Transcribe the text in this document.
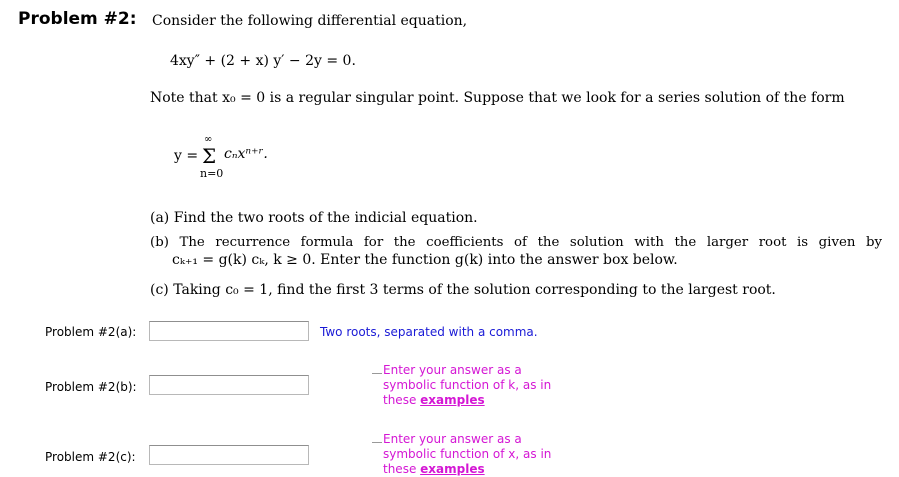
Problem #2: Consider the following differential equation,
4xy″ + (2 + x) y′ − 2y = 0.
Note that x₀ = 0 is a regular singular point. Suppose that we look for a series solution of the form
y =
∞
Σ cₙxⁿ⁺ʳ.
n=0
(a) Find the two roots of the indicial equation.
(b) The recurrence formula for the coefficients of the solution with the larger root is given by
cₖ₊₁ = g(k) cₖ, k ≥ 0. Enter the function g(k) into the answer box below.
(c) Taking c₀ = 1, find the first 3 terms of the solution corresponding to the largest root.
Problem #2(a):	Two roots, separated with a comma.
Problem #2(b):
Enter your answer as a symbolic function of k, as in these examples
Problem #2(c):
Enter your answer as a symbolic function of x, as in these examples
